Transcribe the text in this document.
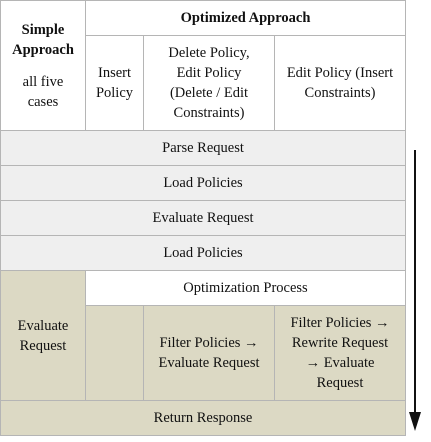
Simple
Approach
all five
cases
Optimized Approach
Insert
Policy
Delete Policy,
Edit Policy
(Delete / Edit
Constraints)
Edit Policy (Insert
Constraints)
Parse Request
Load Policies
Evaluate Request
Load Policies
Evaluate
Request
Optimization Process
Filter Policies →
Evaluate Request
Filter Policies →
Rewrite Request
→ Evaluate
Request
Return Response
